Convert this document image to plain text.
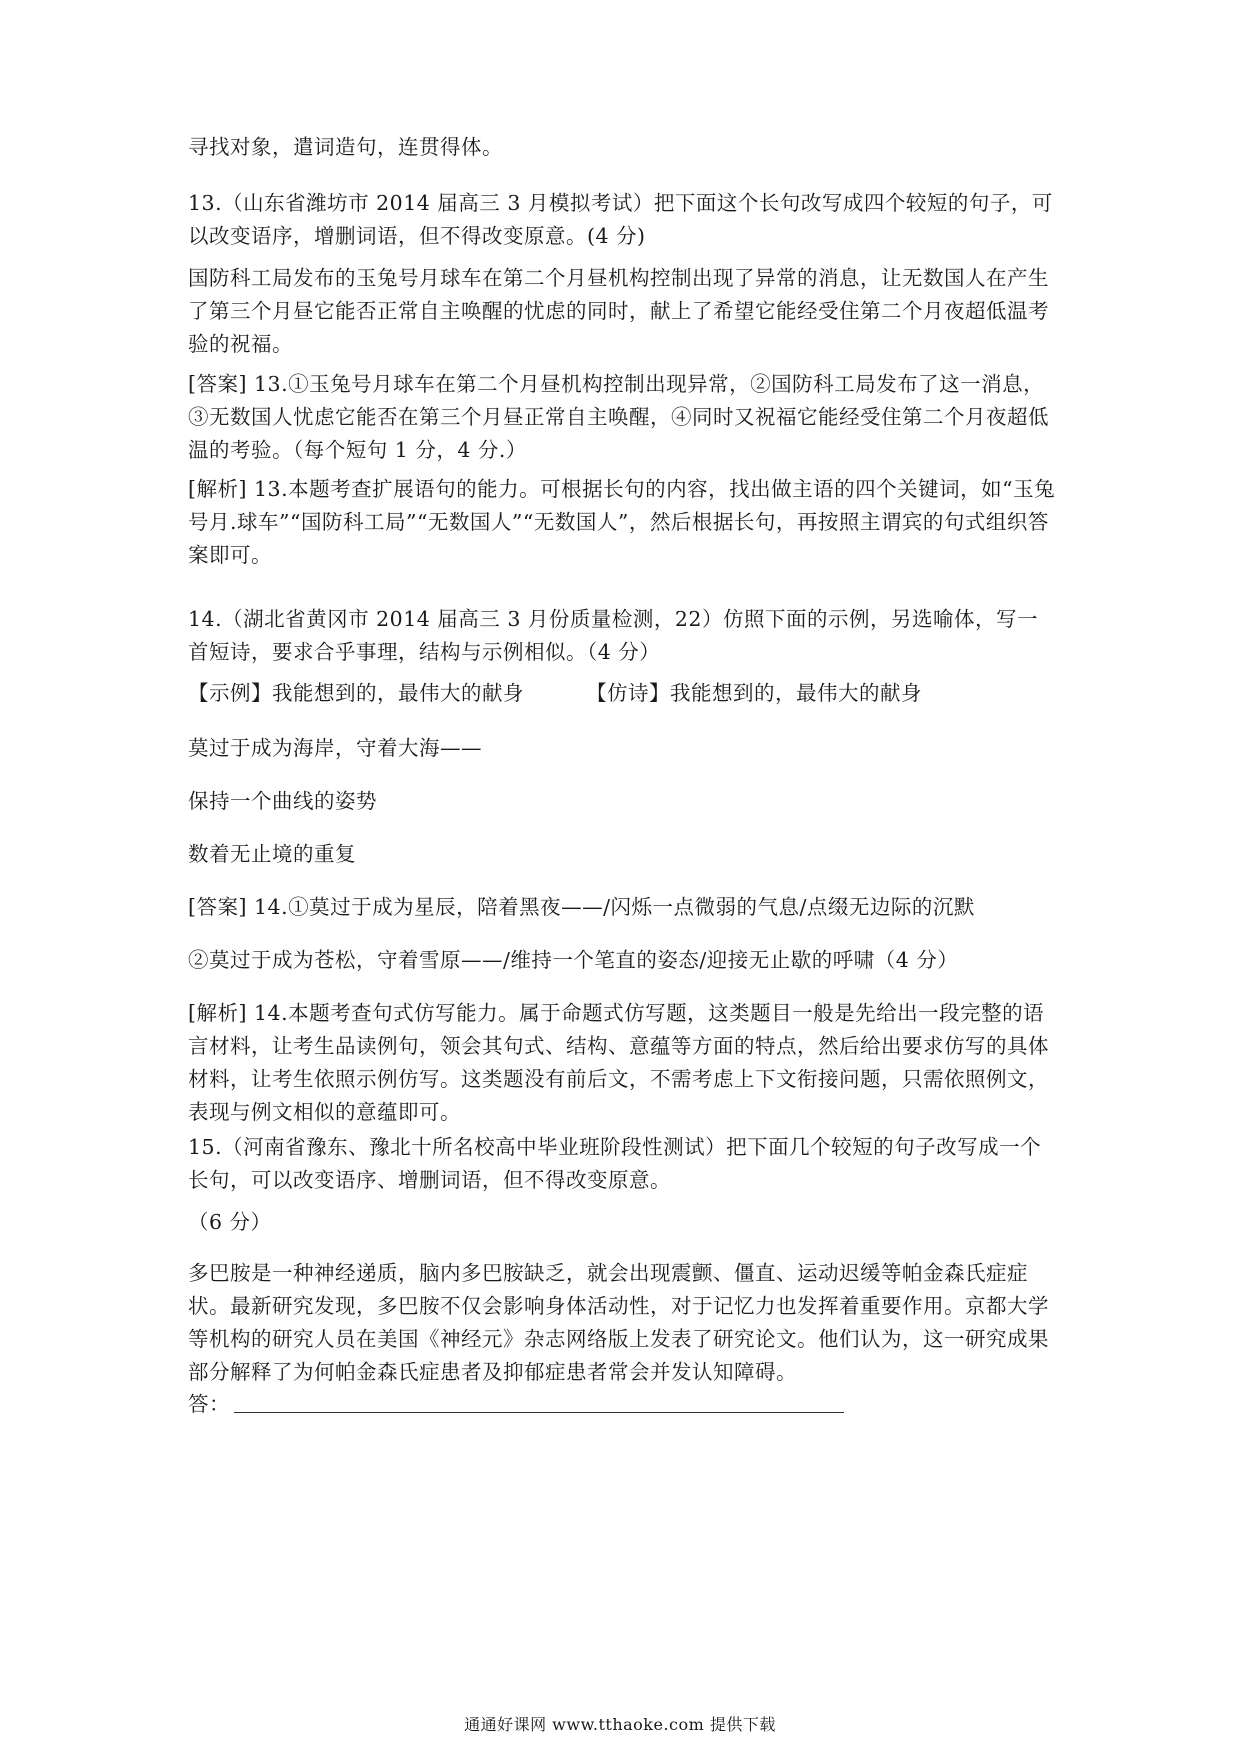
寻找对象，遣词造句，连贯得体。

13.（山东省潍坊市 2014 届高三 3 月模拟考试）把下面这个长句改写成四个较短的句子，可以改变语序，增删词语，但不得改变原意。(4 分)

国防科工局发布的玉兔号月球车在第二个月昼机构控制出现了异常的消息，让无数国人在产生了第三个月昼它能否正常自主唤醒的忧虑的同时，献上了希望它能经受住第二个月夜超低温考验的祝福。

[答案] 13.①玉兔号月球车在第二个月昼机构控制出现异常，②国防科工局发布了这一消息，③无数国人忧虑它能否在第三个月昼正常自主唤醒，④同时又祝福它能经受住第二个月夜超低温的考验。（每个短句 1 分，4 分.）

[解析] 13.本题考查扩展语句的能力。可根据长句的内容，找出做主语的四个关键词，如“玉兔号月.球车”“国防科工局”“无数国人”“无数国人”，然后根据长句，再按照主谓宾的句式组织答案即可。

14.（湖北省黄冈市 2014 届高三 3 月份质量检测，22）仿照下面的示例，另选喻体，写一首短诗，要求合乎事理，结构与示例相似。（4 分）

【示例】我能想到的，最伟大的献身	【仿诗】我能想到的，最伟大的献身

莫过于成为海岸，守着大海——

保持一个曲线的姿势

数着无止境的重复

[答案] 14.①莫过于成为星辰，陪着黑夜——/闪烁一点微弱的气息/点缀无边际的沉默

②莫过于成为苍松，守着雪原——/维持一个笔直的姿态/迎接无止歇的呼啸（4 分）

[解析] 14.本题考查句式仿写能力。属于命题式仿写题，这类题目一般是先给出一段完整的语言材料，让考生品读例句，领会其句式、结构、意蕴等方面的特点，然后给出要求仿写的具体材料，让考生依照示例仿写。这类题没有前后文，不需考虑上下文衔接问题，只需依照例文，表现与例文相似的意蕴即可。

15.（河南省豫东、豫北十所名校高中毕业班阶段性测试）把下面几个较短的句子改写成一个长句，可以改变语序、增删词语，但不得改变原意。

（6 分）

多巴胺是一种神经递质，脑内多巴胺缺乏，就会出现震颤、僵直、运动迟缓等帕金森氏症症状。最新研究发现，多巴胺不仅会影响身体活动性，对于记忆力也发挥着重要作用。京都大学等机构的研究人员在美国《神经元》杂志网络版上发表了研究论文。他们认为，这一研究成果部分解释了为何帕金森氏症患者及抑郁症患者常会并发认知障碍。

答：
通通好课网 www.tthaoke.com 提供下载
